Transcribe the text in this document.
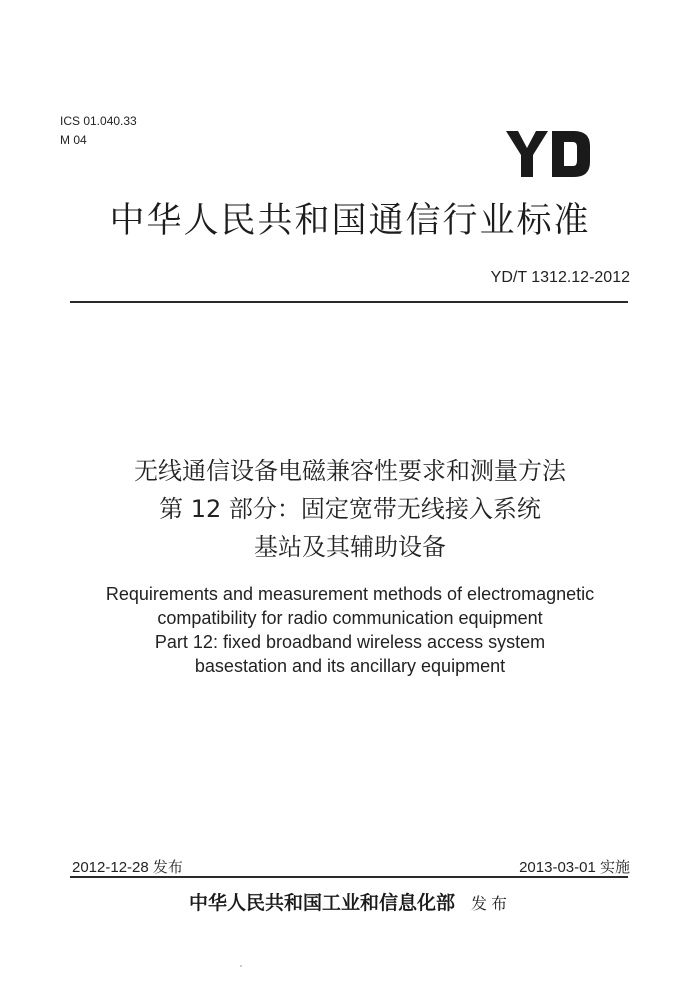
ICS 01.040.33
M 04
中华人民共和国通信行业标准
YD/T 1312.12-2012
无线通信设备电磁兼容性要求和测量方法
第 12 部分：固定宽带无线接入系统
基站及其辅助设备
Requirements and measurement methods of electromagnetic
compatibility for radio communication equipment
Part 12: fixed broadband wireless access system
basestation and its ancillary equipment
2012-12-28 发布	2013-03-01 实施
中华人民共和国工业和信息化部 发布
